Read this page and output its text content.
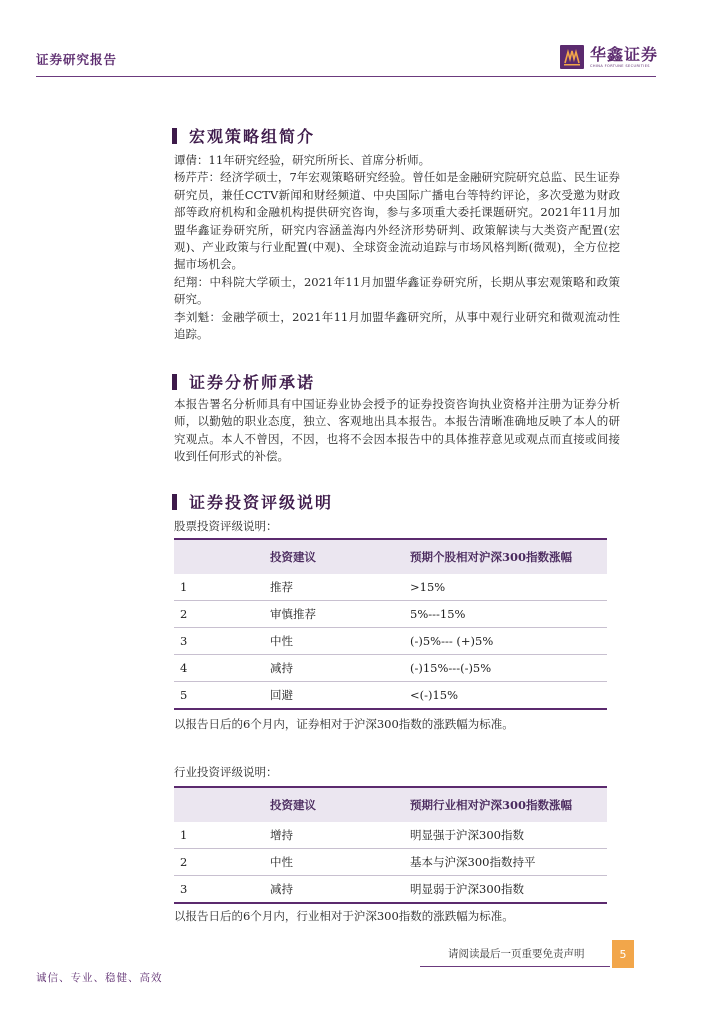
证券研究报告	华鑫证券
CHINA FORTUNE SECURITIES
宏观策略组简介

谭倩：11年研究经验，研究所所长、首席分析师。

杨芹芹：经济学硕士，7年宏观策略研究经验。曾任如是金融研究院研究总监、民生证券研究员，兼任CCTV新闻和财经频道、中央国际广播电台等特约评论，多次受邀为财政部等政府机构和金融机构提供研究咨询，参与多项重大委托课题研究。2021年11月加盟华鑫证券研究所，研究内容涵盖海内外经济形势研判、政策解读与大类资产配置(宏观)、产业政策与行业配置(中观)、全球资金流动追踪与市场风格判断(微观)，全方位挖掘市场机会。

纪翔：中科院大学硕士，2021年11月加盟华鑫证券研究所，长期从事宏观策略和政策研究。

李刘魁：金融学硕士，2021年11月加盟华鑫研究所，从事中观行业研究和微观流动性追踪。

证券分析师承诺

本报告署名分析师具有中国证券业协会授予的证券投资咨询执业资格并注册为证券分析师，以勤勉的职业态度，独立、客观地出具本报告。本报告清晰准确地反映了本人的研究观点。本人不曾因，不因，也将不会因本报告中的具体推荐意见或观点而直接或间接收到任何形式的补偿。

证券投资评级说明
股票投资评级说明：
	投资建议	预期个股相对沪深300指数涨幅
1	推荐	>15%
2	审慎推荐	5%---15%
3	中性	(-)5%--- (+)5%
4	减持	(-)15%---(-)5%
5	回避	<(-)15%
以报告日后的6个月内，证券相对于沪深300指数的涨跌幅为标准。
行业投资评级说明：
	投资建议	预期行业相对沪深300指数涨幅
1	增持	明显强于沪深300指数
2	中性	基本与沪深300指数持平
3	减持	明显弱于沪深300指数
以报告日后的6个月内，行业相对于沪深300指数的涨跌幅为标准。
请阅读最后一页重要免责声明	5
诚信、专业、稳健、高效
